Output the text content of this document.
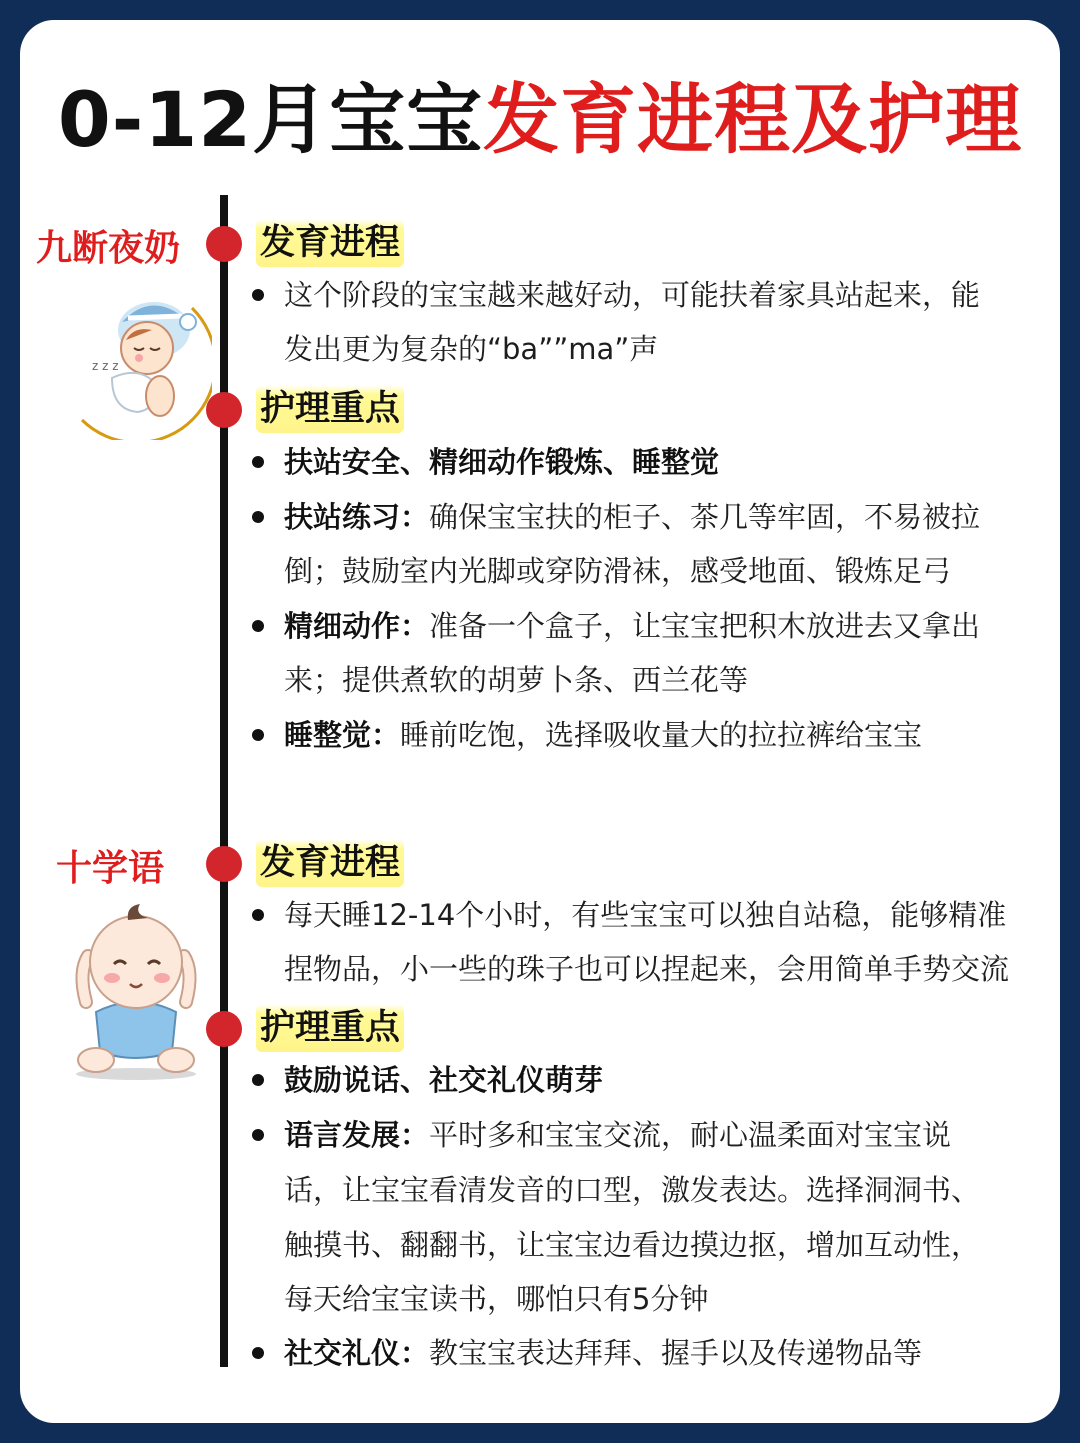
0-12月宝宝发育进程及护理
九断夜奶
z z z
发育进程
这个阶段的宝宝越来越好动，可能扶着家具站起来，能
发出更为复杂的“ba””ma”声
护理重点
扶站安全、精细动作锻炼、睡整觉
扶站练习：确保宝宝扶的柜子、茶几等牢固，不易被拉
倒；鼓励室内光脚或穿防滑袜，感受地面、锻炼足弓
精细动作：准备一个盒子，让宝宝把积木放进去又拿出
来；提供煮软的胡萝卜条、西兰花等
睡整觉：睡前吃饱，选择吸收量大的拉拉裤给宝宝
十学语	发育进程
每天睡12-14个小时，有些宝宝可以独自站稳，能够精准
捏物品，小一些的珠子也可以捏起来，会用简单手势交流
护理重点
鼓励说话、社交礼仪萌芽
语言发展：平时多和宝宝交流，耐心温柔面对宝宝说
话，让宝宝看清发音的口型，激发表达。选择洞洞书、
触摸书、翻翻书，让宝宝边看边摸边抠，增加互动性，
每天给宝宝读书，哪怕只有5分钟
社交礼仪：教宝宝表达拜拜、握手以及传递物品等
